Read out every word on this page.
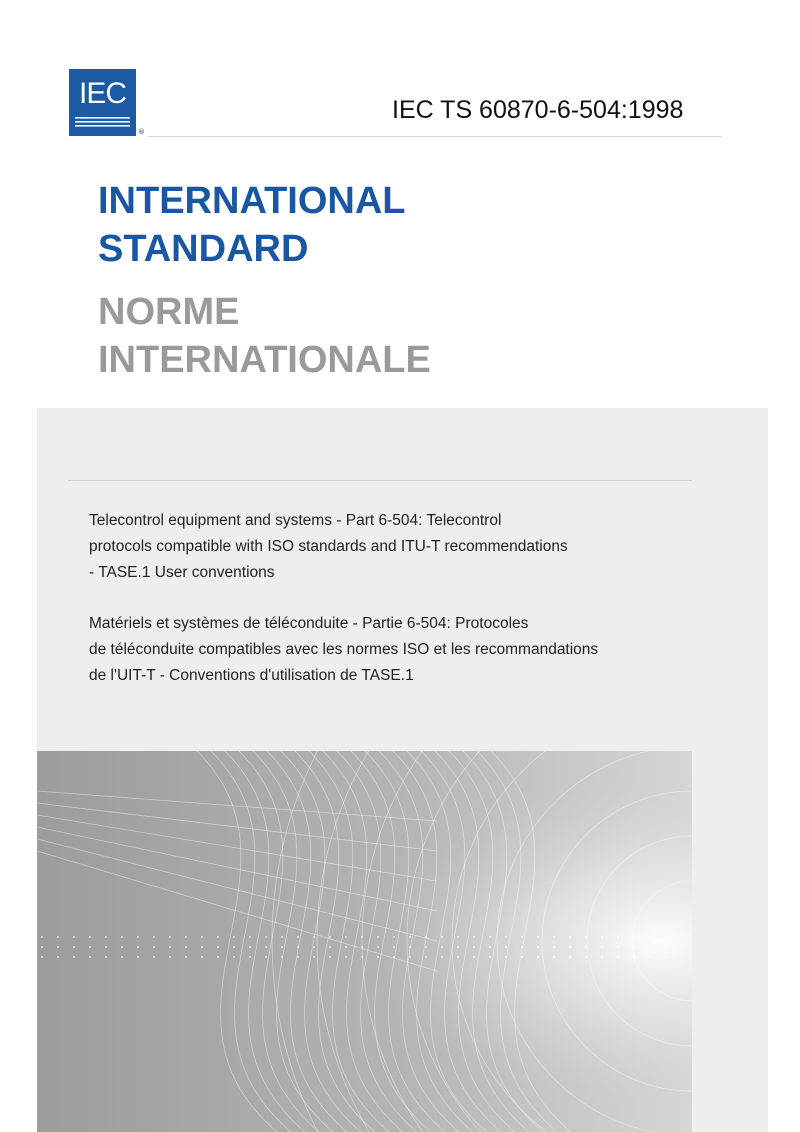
IEC
®
IEC TS 60870-6-504:1998
INTERNATIONAL
STANDARD
NORME
INTERNATIONALE

Telecontrol equipment and systems - Part 6-504: Telecontrol
protocols compatible with ISO standards and ITU-T recommendations
- TASE.1 User conventions

Matériels et systèmes de téléconduite - Partie 6-504: Protocoles
de téléconduite compatibles avec les normes ISO et les recommandations
de l'UIT-T - Conventions d'utilisation de TASE.1
